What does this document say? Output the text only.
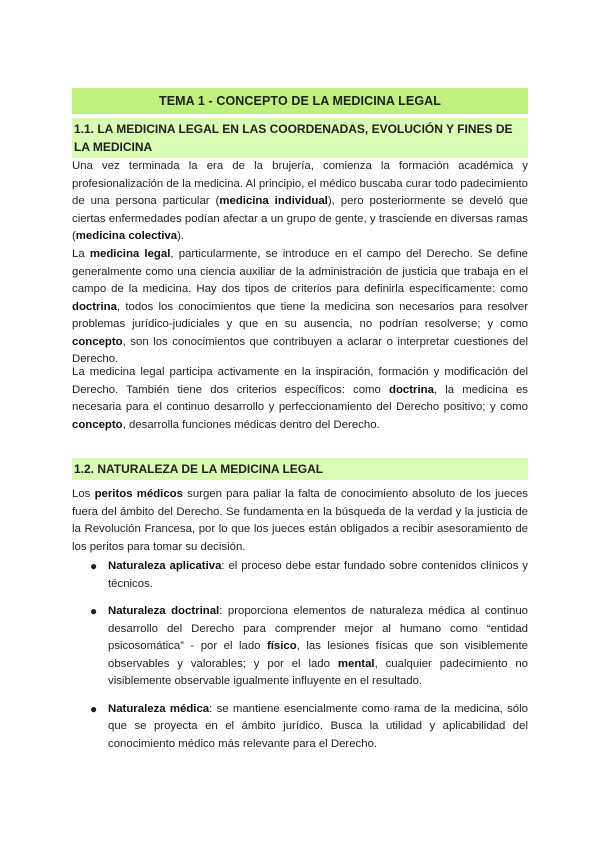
TEMA 1 - CONCEPTO DE LA MEDICINA LEGAL
1.1. LA MEDICINA LEGAL EN LAS COORDENADAS, EVOLUCIÓN Y FINES DE LA MEDICINA

Una vez terminada la era de la brujería, comienza la formación académica y profesionalización de la medicina. Al principio, el médico buscaba curar todo padecimiento de una persona particular (medicina individual), pero posteriormente se develó que ciertas enfermedades podían afectar a un grupo de gente, y trasciende en diversas ramas (medicina colectiva).

La medicina legal, particularmente, se introduce en el campo del Derecho. Se define generalmente como una ciencia auxiliar de la administración de justicia que trabaja en el campo de la medicina. Hay dos tipos de criterios para definirla específicamente: como doctrina, todos los conocimientos que tiene la medicina son necesarios para resolver problemas jurídico-judiciales y que en su ausencia, no podrían resolverse; y como concepto, son los conocimientos que contribuyen a aclarar o interpretar cuestiones del Derecho.

La medicina legal participa activamente en la inspiración, formación y modificación del Derecho. También tiene dos criterios específicos: como doctrina, la medicina es necesaria para el continuo desarrollo y perfeccionamiento del Derecho positivo; y como concepto, desarrolla funciones médicas dentro del Derecho.

1.2. NATURALEZA DE LA MEDICINA LEGAL

Los peritos médicos surgen para paliar la falta de conocimiento absoluto de los jueces fuera del ámbito del Derecho. Se fundamenta en la búsqueda de la verdad y la justicia de la Revolución Francesa, por lo que los jueces están obligados a recibir asesoramiento de los peritos para tomar su decisión.

● Naturaleza aplicativa: el proceso debe estar fundado sobre contenidos clínicos y técnicos.
● Naturaleza doctrinal: proporciona elementos de naturaleza médica al continuo desarrollo del Derecho para comprender mejor al humano como “entidad psicosomática” - por el lado físico, las lesiones físicas que son visiblemente observables y valorables; y por el lado mental, cualquier padecimiento no visiblemente observable igualmente influyente en el resultado.
● Naturaleza médica: se mantiene esencialmente como rama de la medicina, sólo que se proyecta en el ámbito jurídico. Busca la utilidad y aplicabilidad del conocimiento médico más relevante para el Derecho.
